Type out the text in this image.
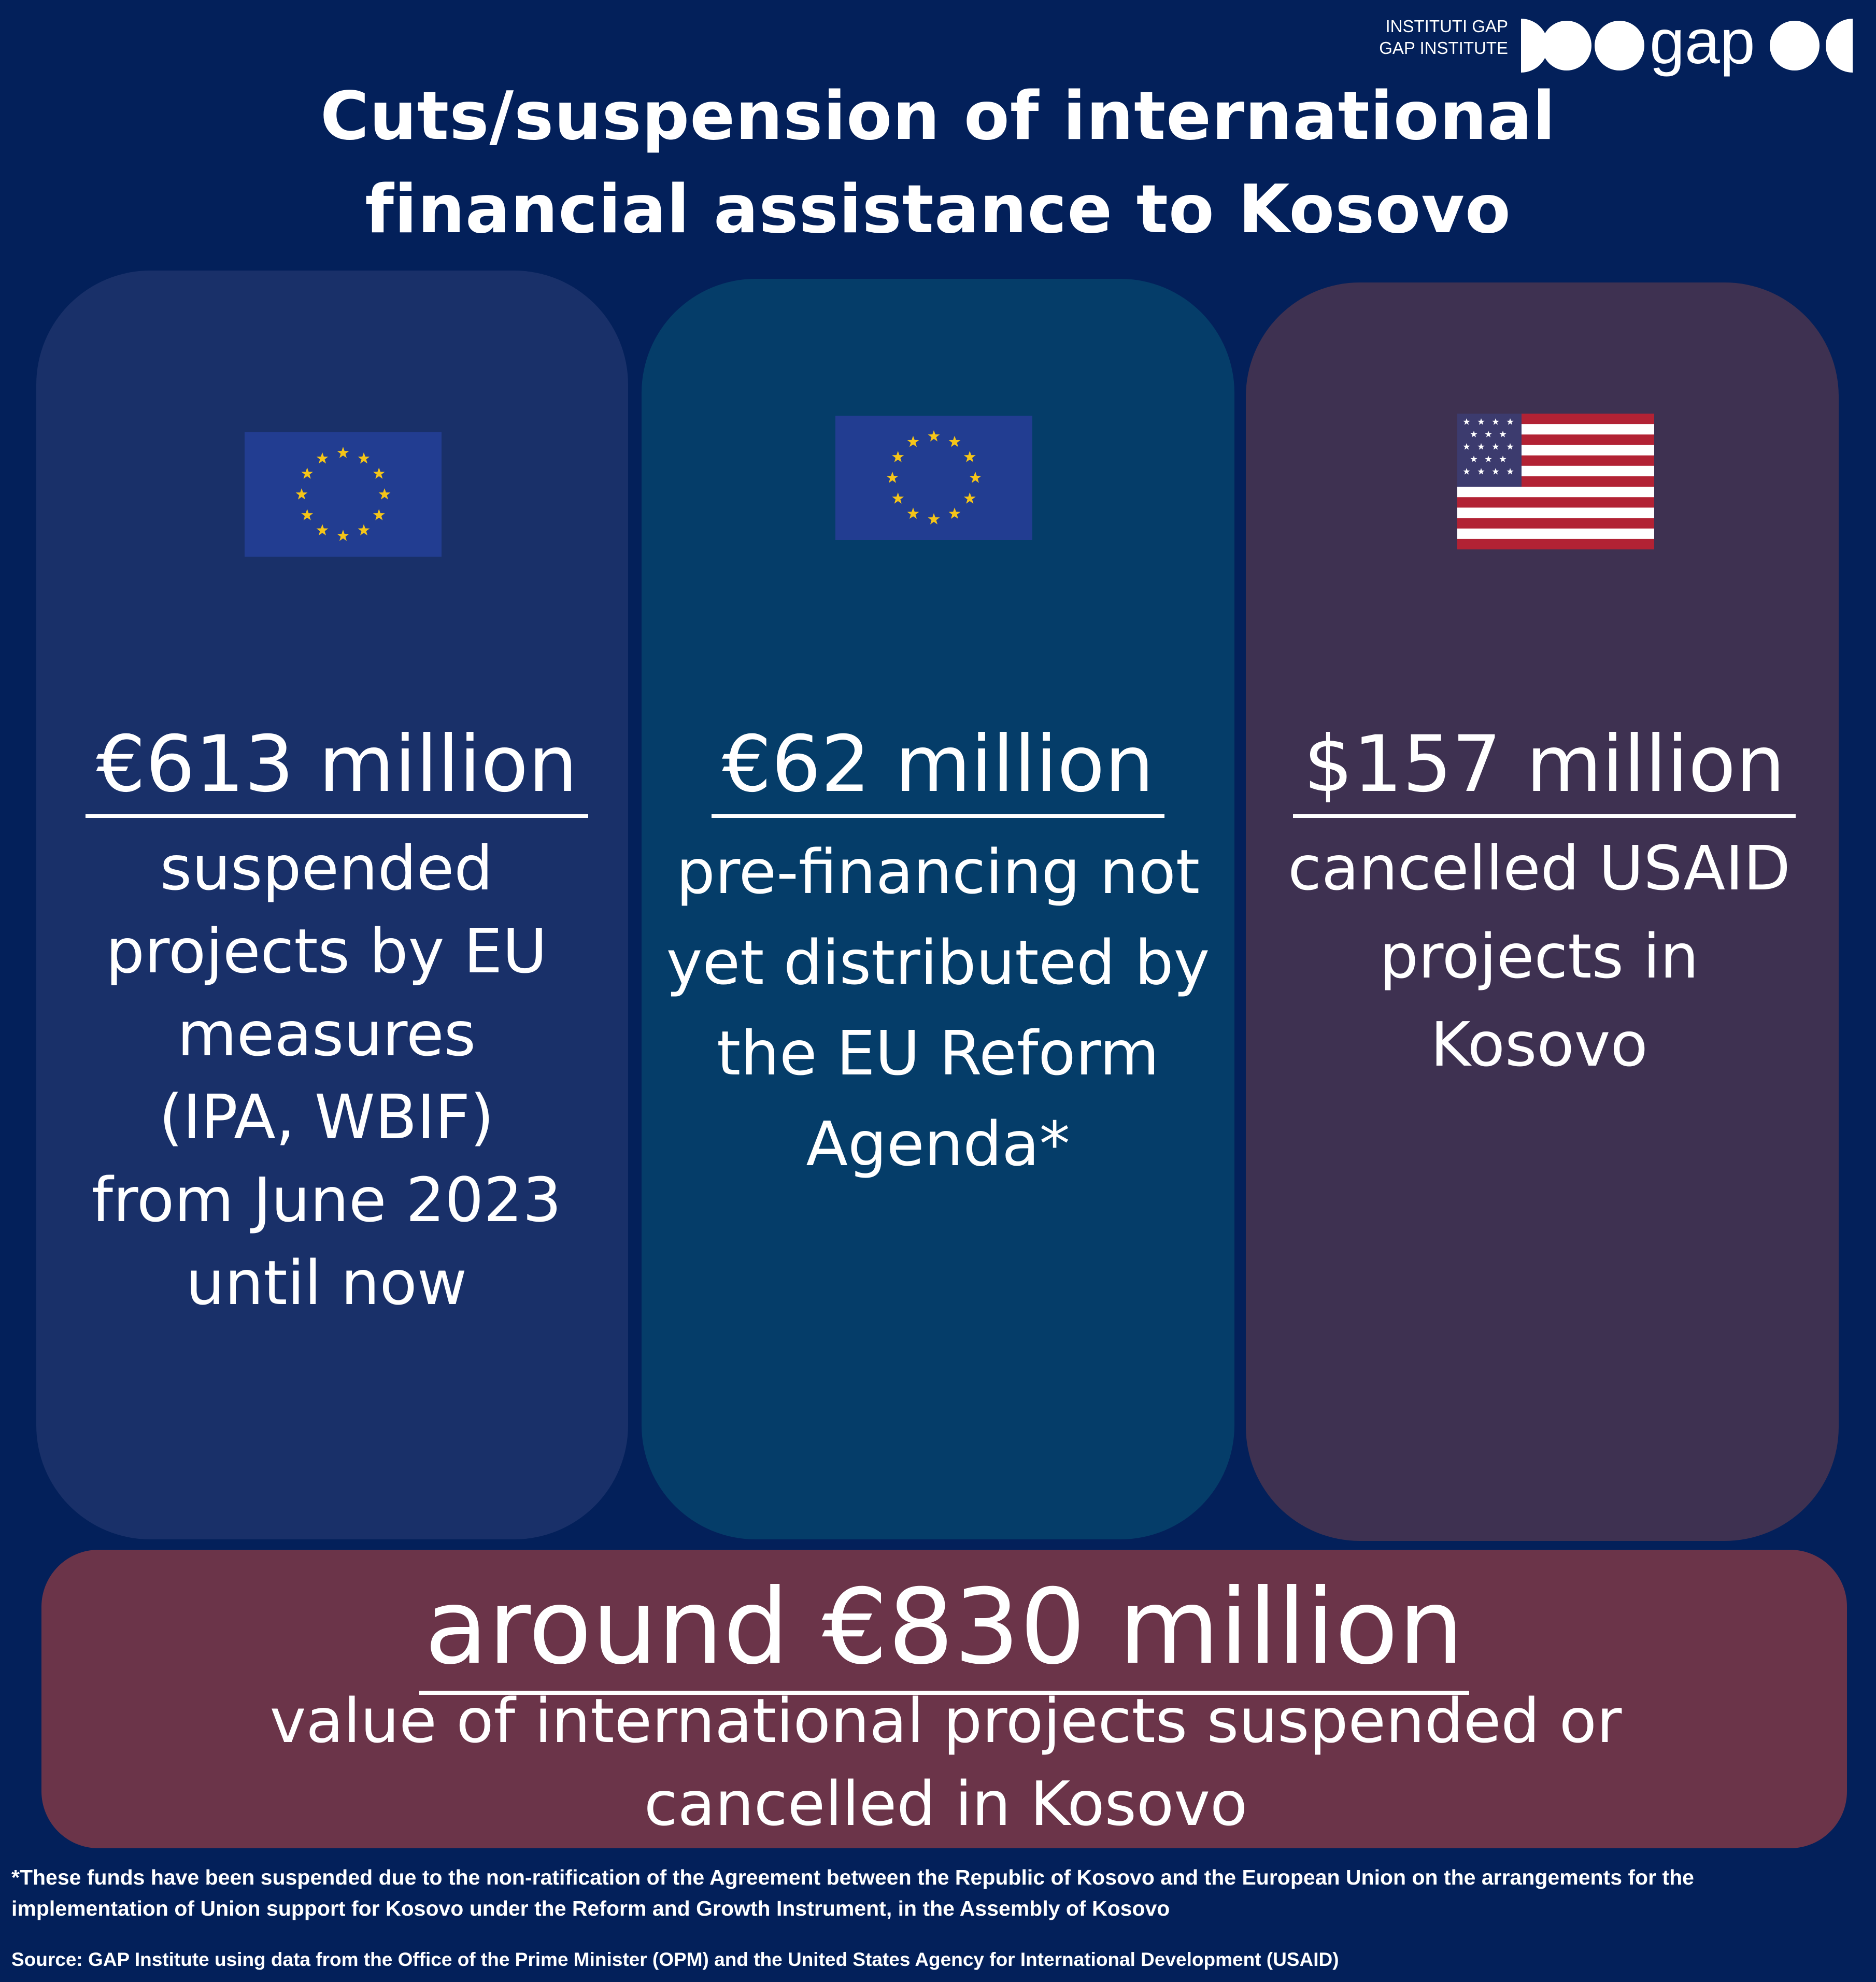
INSTITUTI GAP
GAP INSTITUTE gap
Cuts/suspension of international
financial assistance to Kosovo
€613 million
suspended
projects by EU
measures
(IPA, WBIF)
from June 2023
until now
€62 million
pre-financing not
yet distributed by
the EU Reform
Agenda*
$157 million
cancelled USAID
projects in
Kosovo
around €830 million
value of international projects suspended or
cancelled in Kosovo
*These funds have been suspended due to the non-ratification of the Agreement between the Republic of Kosovo and the European Union on the arrangements for the
implementation of Union support for Kosovo under the Reform and Growth Instrument, in the Assembly of Kosovo
Source: GAP Institute using data from the Office of the Prime Minister (OPM) and the United States Agency for International Development (USAID)
